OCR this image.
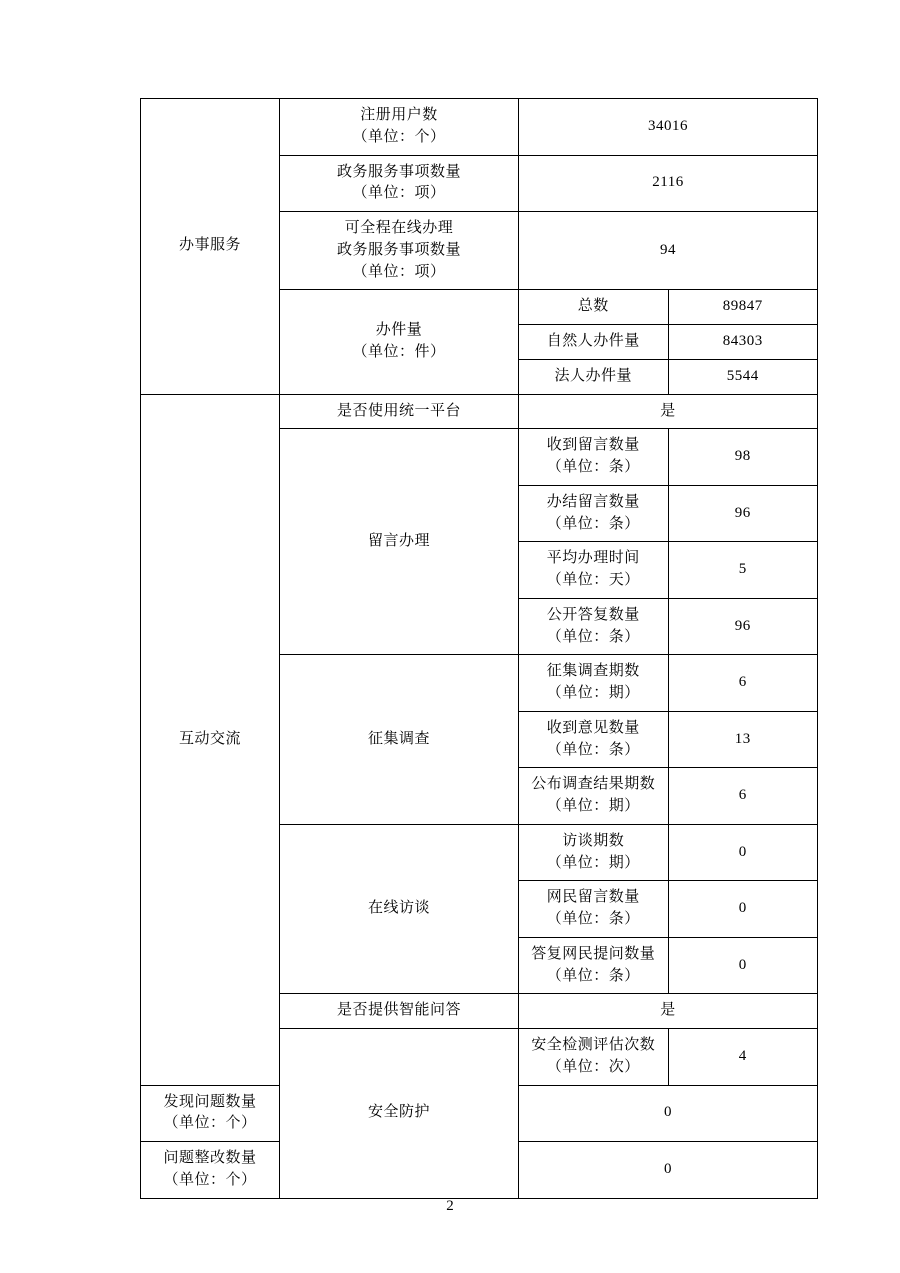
办事服务	注册用户数
（单位：个）	34016	

	政务服务事项数量
（单位：项）	2116	

	可全程在线办理
政务服务事项数量
（单位：项）	94	

	办件量
（单位：件）	总数	89847
		自然人办件量	84303
		法人办件量	5544

互动交流	是否使用统一平台	是	

	留言办理	收到留言数量
（单位：条）	98

		办结留言数量
（单位：条）	96

		平均办理时间
（单位：天）	5

		公开答复数量
（单位：条）	96

	征集调查	征集调查期数
（单位：期）	6

		收到意见数量
（单位：条）	13

		公布调查结果期数
（单位：期）	6

	在线访谈	访谈期数
（单位：期）	0

		网民留言数量
（单位：条）	0

		答复网民提问数量
（单位：条）	0

	是否提供智能问答	是	

	安全防护	安全检测评估次数
（单位：次）	4

发现问题数量
（单位：个）		0	

问题整改数量
（单位：个）		0	
2
